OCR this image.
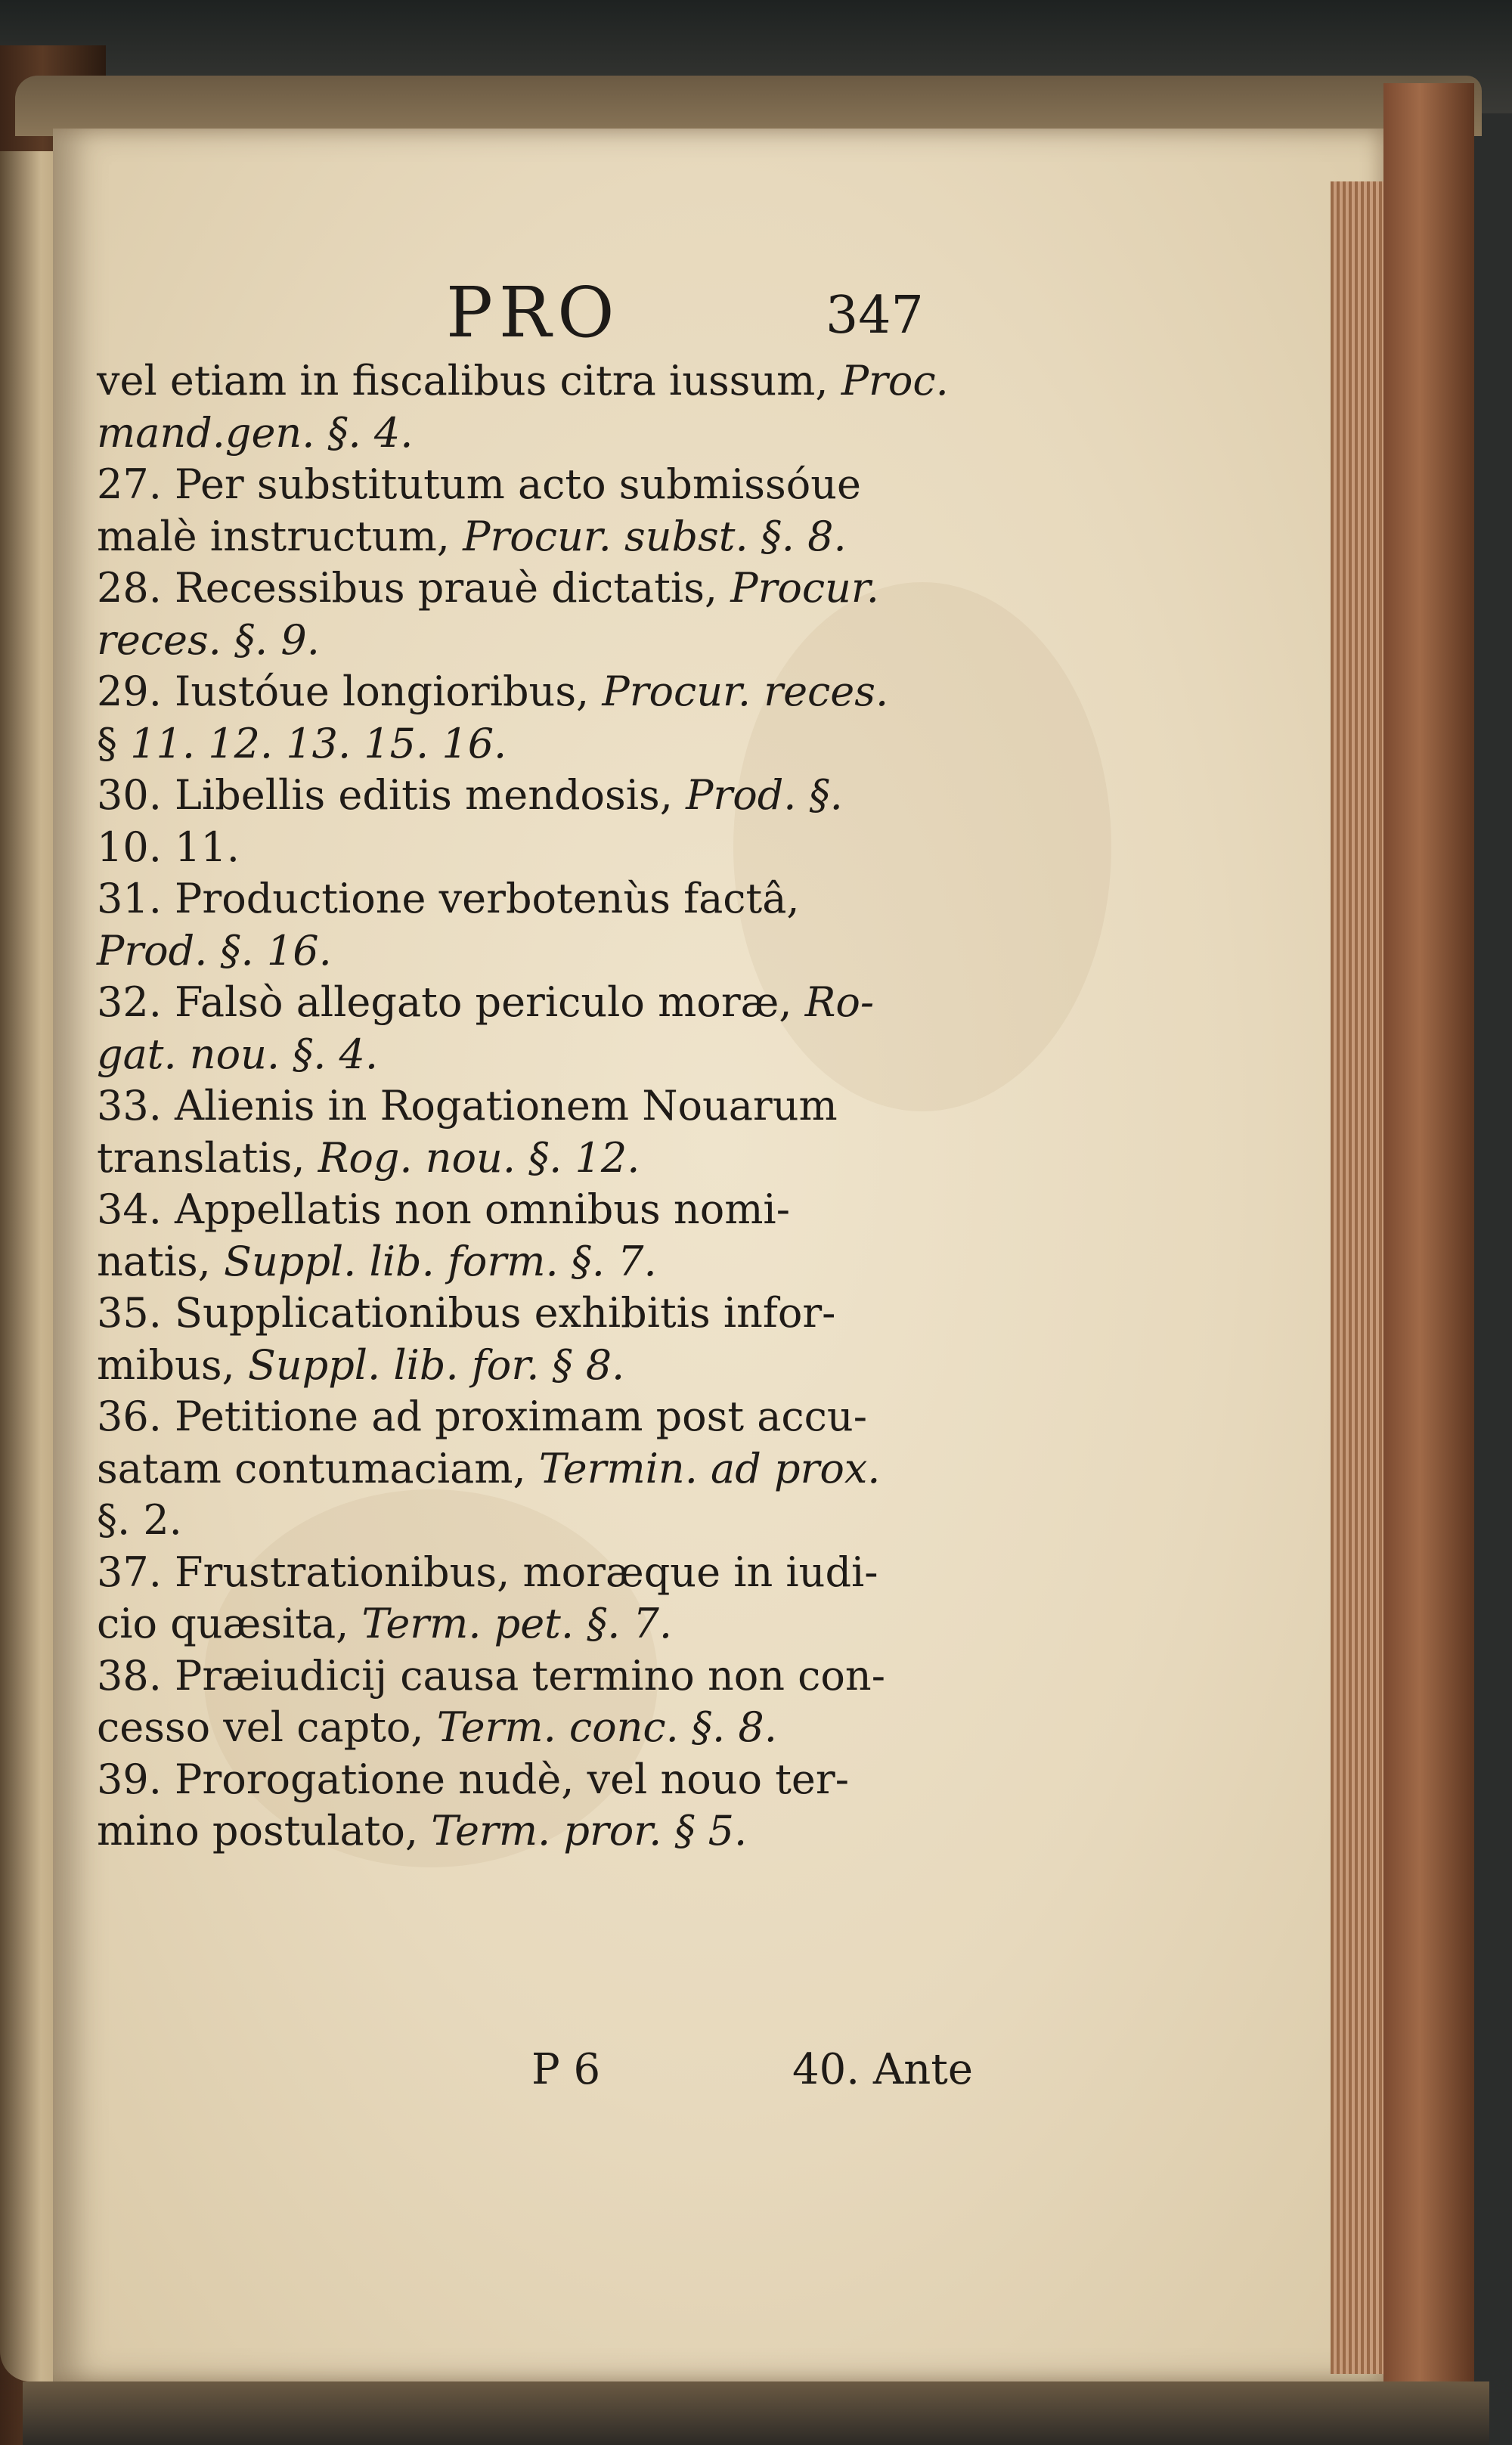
PRO	347
vel etiam in fiscalibus citra iussum, Proc.
mand.gen. §. 4.
27. Per substitutum acto submissóue
malè instructum, Procur. subst. §. 8.
28. Recessibus prauè dictatis, Procur.
reces. §. 9.
29. Iustóue longioribus, Procur. reces.
§ 11. 12. 13. 15. 16.
30. Libellis editis mendosis, Prod. §.
10. 11.
31. Productione verbotenùs factâ,
Prod. §. 16.
32. Falsò allegato periculo moræ, Ro-
gat. nou. §. 4.
33. Alienis in Rogationem Nouarum
translatis, Rog. nou. §. 12.
34. Appellatis non omnibus nomi-
natis, Suppl. lib. form. §. 7.
35. Supplicationibus exhibitis infor-
mibus, Suppl. lib. for. § 8.
36. Petitione ad proximam post accu-
satam contumaciam, Termin. ad prox.
§. 2.
37. Frustrationibus, moræque in iudi-
cio quæsita, Term. pet. §. 7.
38. Præiudicij causa termino non con-
cesso vel capto, Term. conc. §. 8.
39. Prorogatione nudè, vel nouo ter-
mino postulato, Term. pror. § 5.
P 6	40. Ante
